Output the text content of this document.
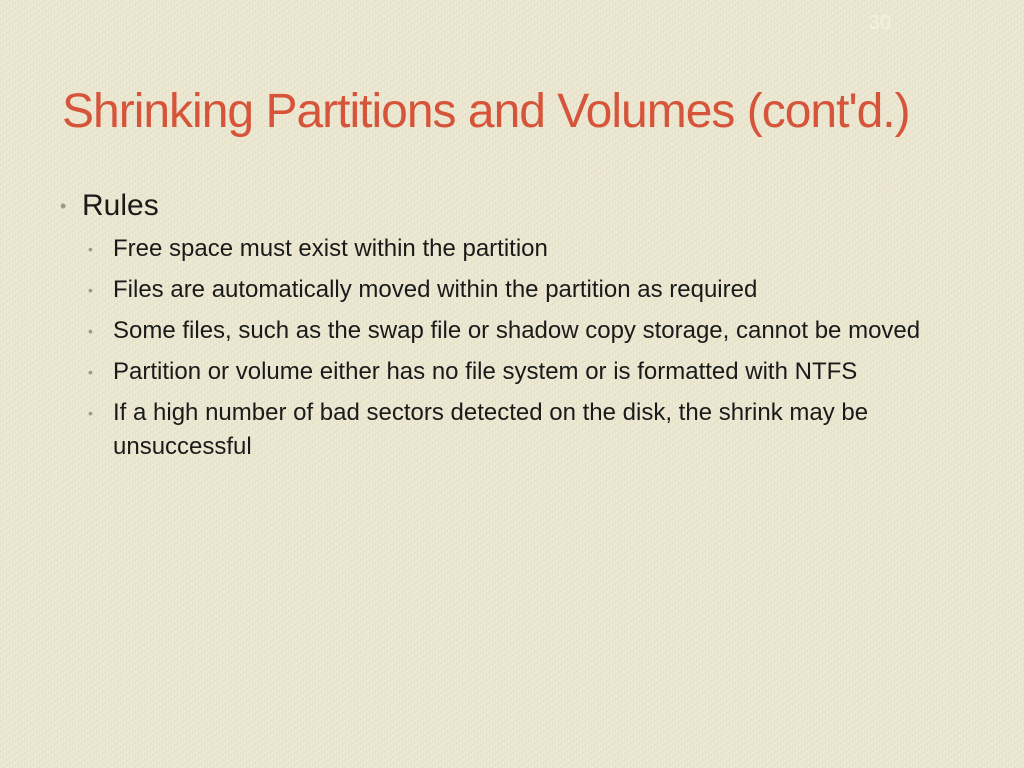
30
Shrinking Partitions and Volumes (cont'd.)
• Rules
• Free space must exist within the partition
• Files are automatically moved within the partition as required
• Some files, such as the swap file or shadow copy storage, cannot be moved
• Partition or volume either has no file system or is formatted with NTFS
• If a high number of bad sectors detected on the disk, the shrink may be unsuccessful
